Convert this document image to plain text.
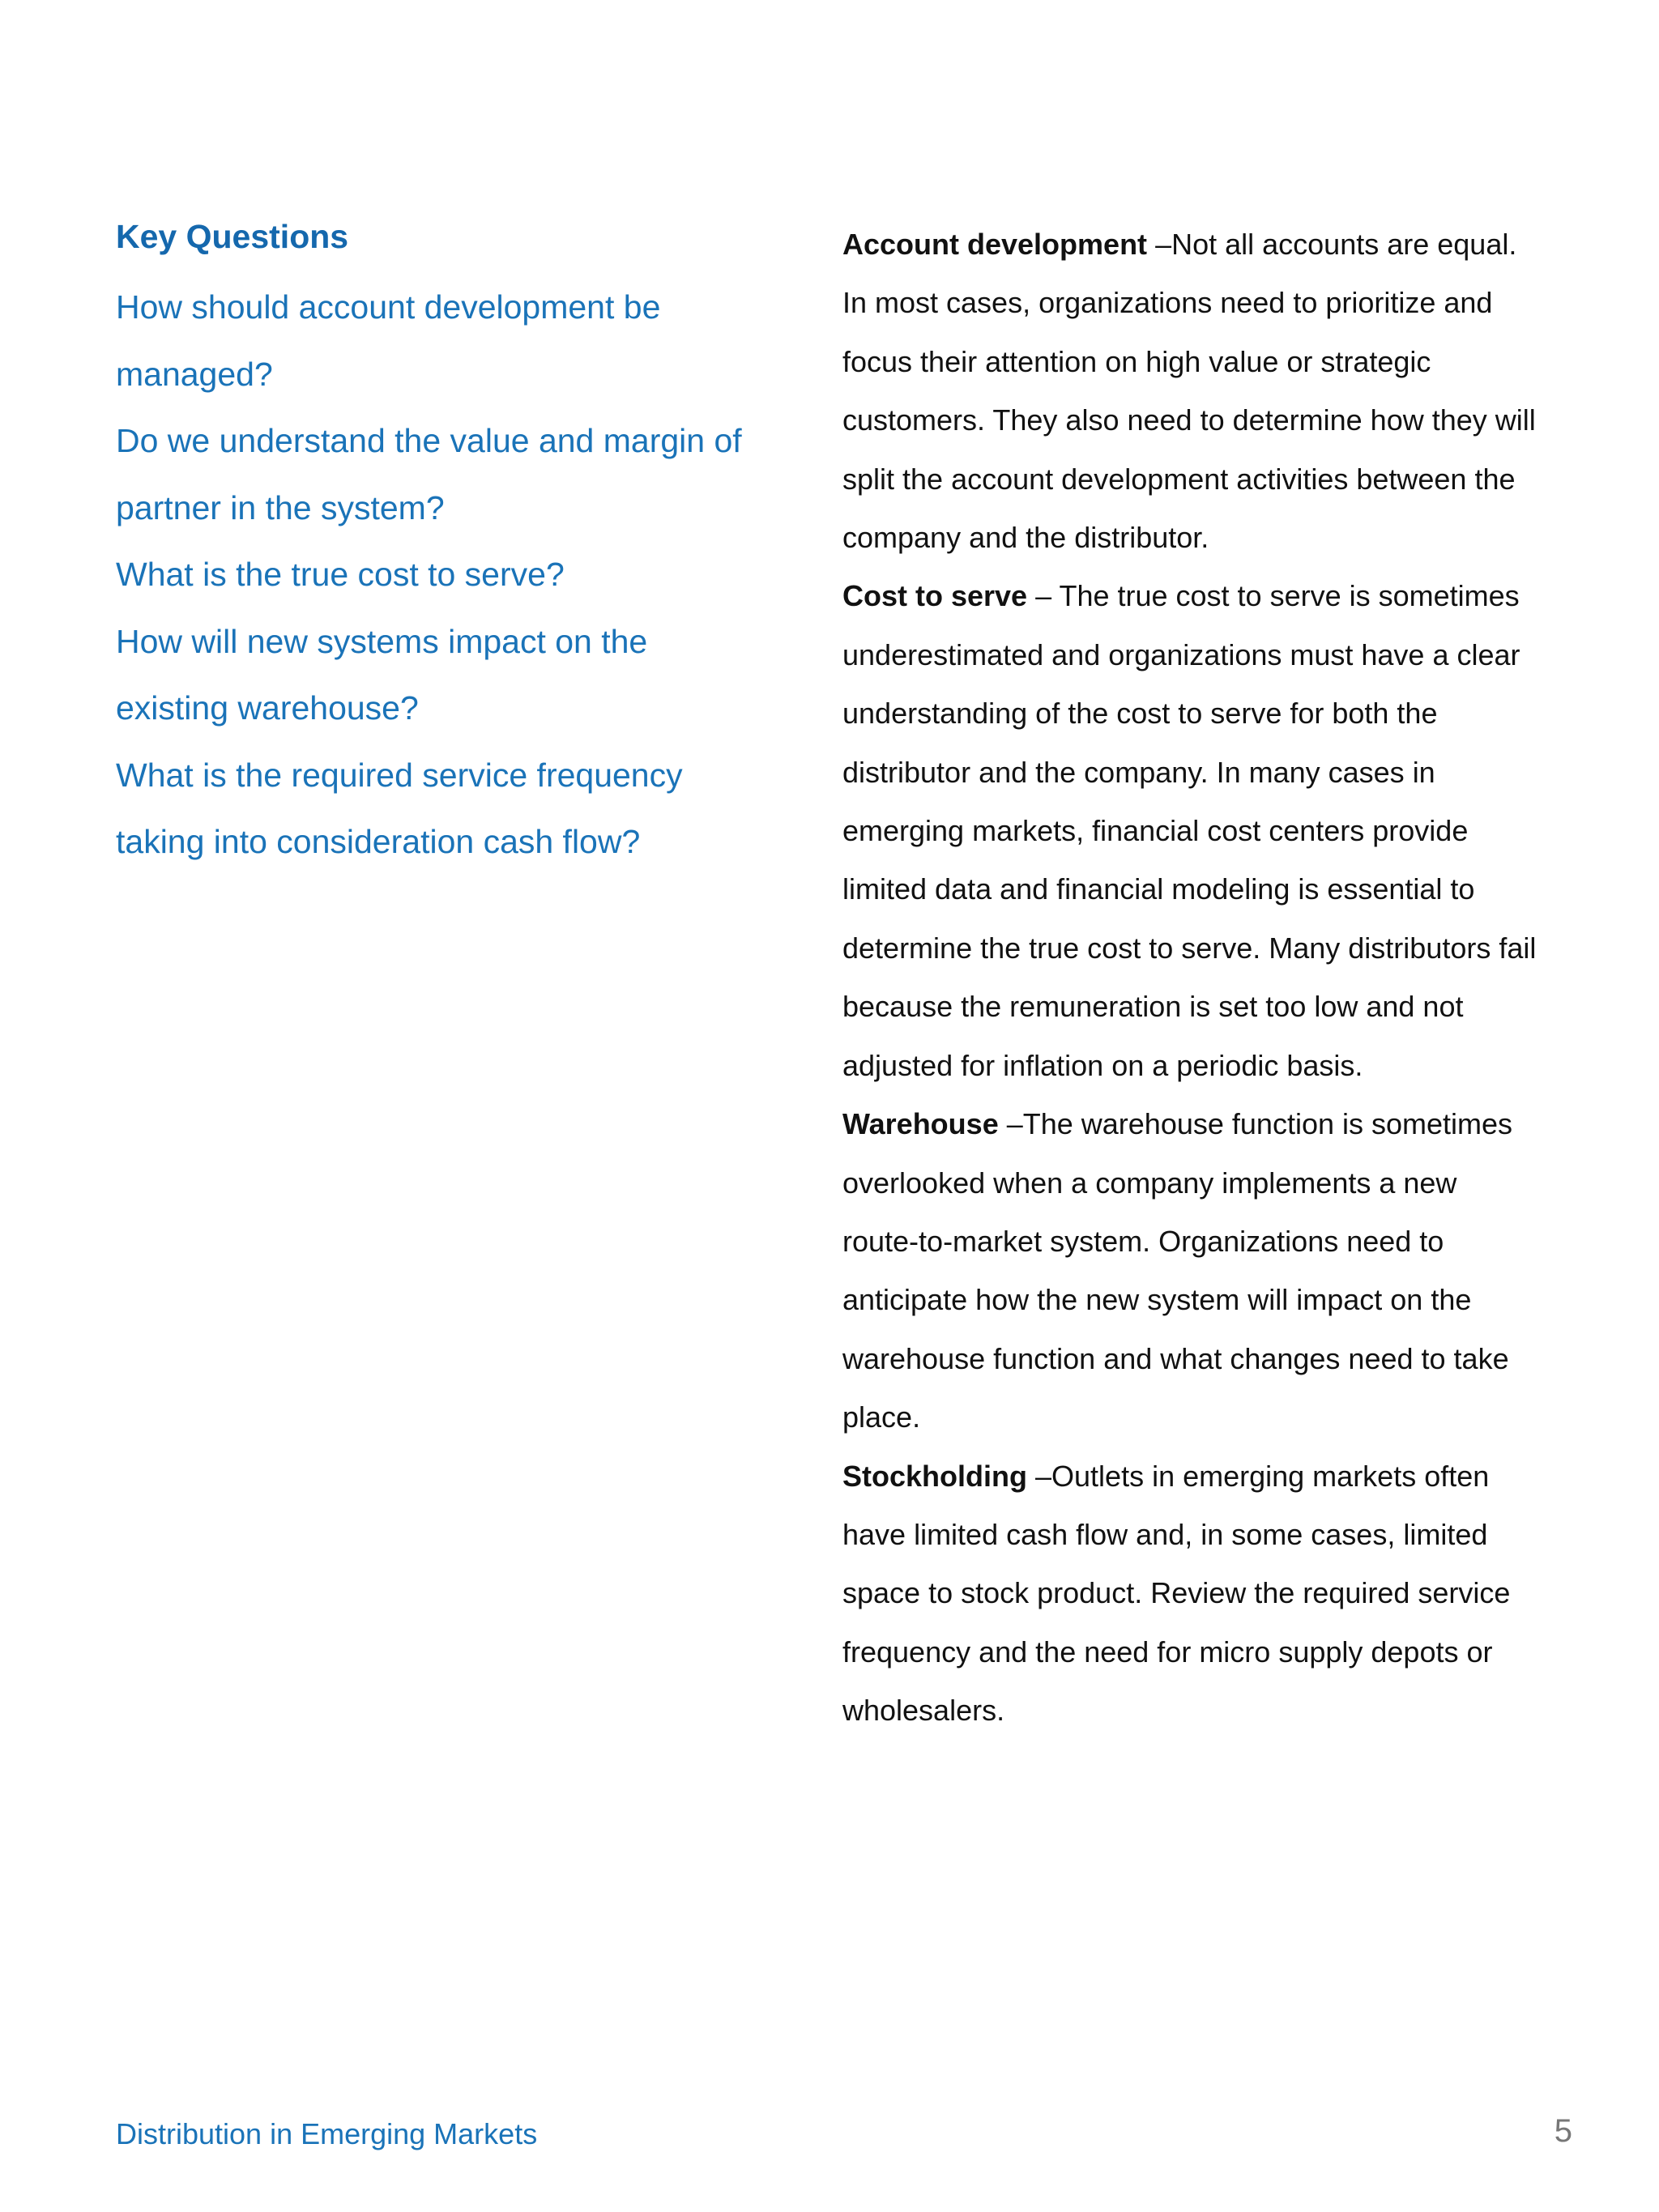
Key Questions

How should account development be managed?

Do we understand the value and margin of partner in the system?

What is the true cost to serve?

How will new systems impact on the existing warehouse?

What is the required service frequency taking into consideration cash flow?

Account development –Not all accounts are equal. In most cases, organizations need to prioritize and focus their attention on high value or strategic customers. They also need to determine how they will split the account development activities between the company and the distributor.

Cost to serve – The true cost to serve is sometimes underestimated and organizations must have a clear understanding of the cost to serve for both the distributor and the company. In many cases in emerging markets, financial cost centers provide limited data and financial modeling is essential to determine the true cost to serve. Many distributors fail because the remuneration is set too low and not adjusted for inflation on a periodic basis.

Warehouse –The warehouse function is sometimes overlooked when a company implements a new route-to-market system. Organizations need to anticipate how the new system will impact on the warehouse function and what changes need to take place.

Stockholding –Outlets in emerging markets often have limited cash flow and, in some cases, limited space to stock product. Review the required service frequency and the need for micro supply depots or wholesalers.

Distribution in Emerging Markets	5
